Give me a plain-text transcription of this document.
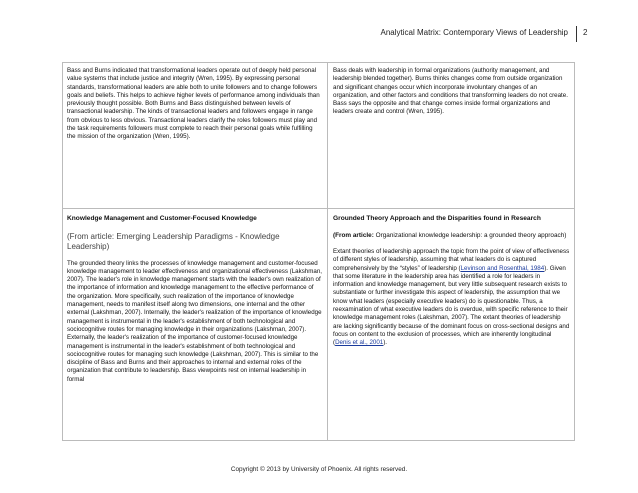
Analytical Matrix: Contemporary Views of Leadership 2

Bass and Burns indicated that transformational leaders operate out of deeply held personal value systems that include justice and integrity (Wren, 1995). By expressing personal standards, transformational leaders are able both to unite followers and to change followers goals and beliefs. This helps to achieve higher levels of performance among individuals than previously thought possible. Both Burns and Bass distinguished between levels of transactional leadership. The kinds of transactional leaders and followers engage in range from obvious to less obvious. Transactional leaders clarify the roles followers must play and the task requirements followers must complete to reach their personal goals while fulfilling the mission of the organization (Wren, 1995).

Bass deals with leadership in formal organizations (authority management, and leadership blended together). Burns thinks changes come from outside organization and significant changes occur which incorporate involuntary changes of an organization, and other factors and conditions that transforming leaders do not create. Bass says the opposite and that change comes inside formal organizations and leaders create and control (Wren, 1995).

Knowledge Management and Customer-Focused Knowledge

(From article: Emerging Leadership Paradigms - Knowledge Leadership)

The grounded theory links the processes of knowledge management and customer-focused knowledge management to leader effectiveness and organizational effectiveness (Lakshman, 2007). The leader's role in knowledge management starts with the leader's own realization of the importance of information and knowledge management to the effective performance of the organization. More specifically, such realization of the importance of knowledge management, needs to manifest itself along two dimensions, one internal and the other external (Lakshman, 2007). Internally, the leader's realization of the importance of knowledge management is instrumental in the leader's establishment of both technological and sociocognitive routes for managing knowledge in their organizations (Lakshman, 2007). Externally, the leader's realization of the importance of customer-focused knowledge management is instrumental in the leader's establishment of both technological and sociocognitive routes for managing such knowledge (Lakshman, 2007). This is similar to the discipline of Bass and Burns and their approaches to internal and external roles of the organization that contribute to leadership. Bass viewpoints rest on internal leadership in formal

Grounded Theory Approach and the Disparities found in Research

(From article: Organizational knowledge leadership: a grounded theory approach)

Extant theories of leadership approach the topic from the point of view of effectiveness of different styles of leadership, assuming that what leaders do is captured comprehensively by the “styles” of leadership (Levinson and Rosenthal, 1984). Given that some literature in the leadership area has identified a role for leaders in information and knowledge management, but very little subsequent research exists to substantiate or further investigate this aspect of leadership, the assumption that we know what leaders (especially executive leaders) do is questionable. Thus, a reexamination of what executive leaders do is overdue, with specific reference to their knowledge management roles (Lakshman, 2007). The extant theories of leadership are lacking significantly because of the dominant focus on cross-sectional designs and focus on content to the exclusion of processes, which are inherently longitudinal (Denis et al., 2001).

Copyright © 2013 by University of Phoenix. All rights reserved.
